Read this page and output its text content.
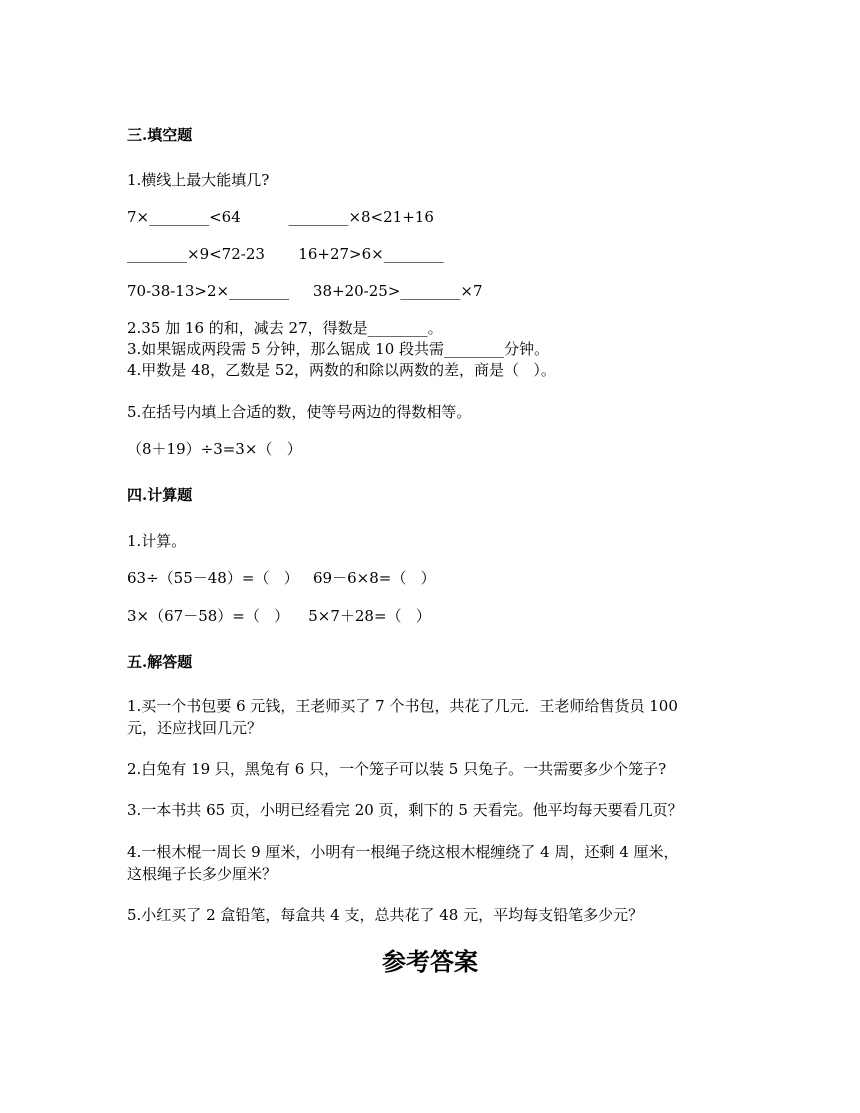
三.填空题

1.横线上最大能填几?

7×________<64          ________×8<21+16

________×9<72-23       16+27>6×________

70-38-13>2×________     38+20-25>________×7

2.35 加 16 的和，减去 27，得数是________。

3.如果锯成两段需 5 分钟，那么锯成 10 段共需________分钟。

4.甲数是 48，乙数是 52，两数的和除以两数的差，商是（   ）。

5.在括号内填上合适的数，使等号两边的得数相等。

（8＋19）÷3=3×（   ）

四.计算题

1.计算。

63÷（55－48）=（   ）   69－6×8=（   ）

3×（67－58）=（   ）    5×7＋28=（   ）

五.解答题

1.买一个书包要 6 元钱，王老师买了 7 个书包，共花了几元．王老师给售货员 100

元，还应找回几元？

2.白兔有 19 只，黑兔有 6 只，一个笼子可以装 5 只兔子。一共需要多少个笼子?

3.一本书共 65 页，小明已经看完 20 页，剩下的 5 天看完。他平均每天要看几页？

4.一根木棍一周长 9 厘米，小明有一根绳子绕这根木棍缠绕了 4 周，还剩 4 厘米，

这根绳子长多少厘米？

5.小红买了 2 盒铅笔，每盒共 4 支，总共花了 48 元，平均每支铅笔多少元？

参考答案
